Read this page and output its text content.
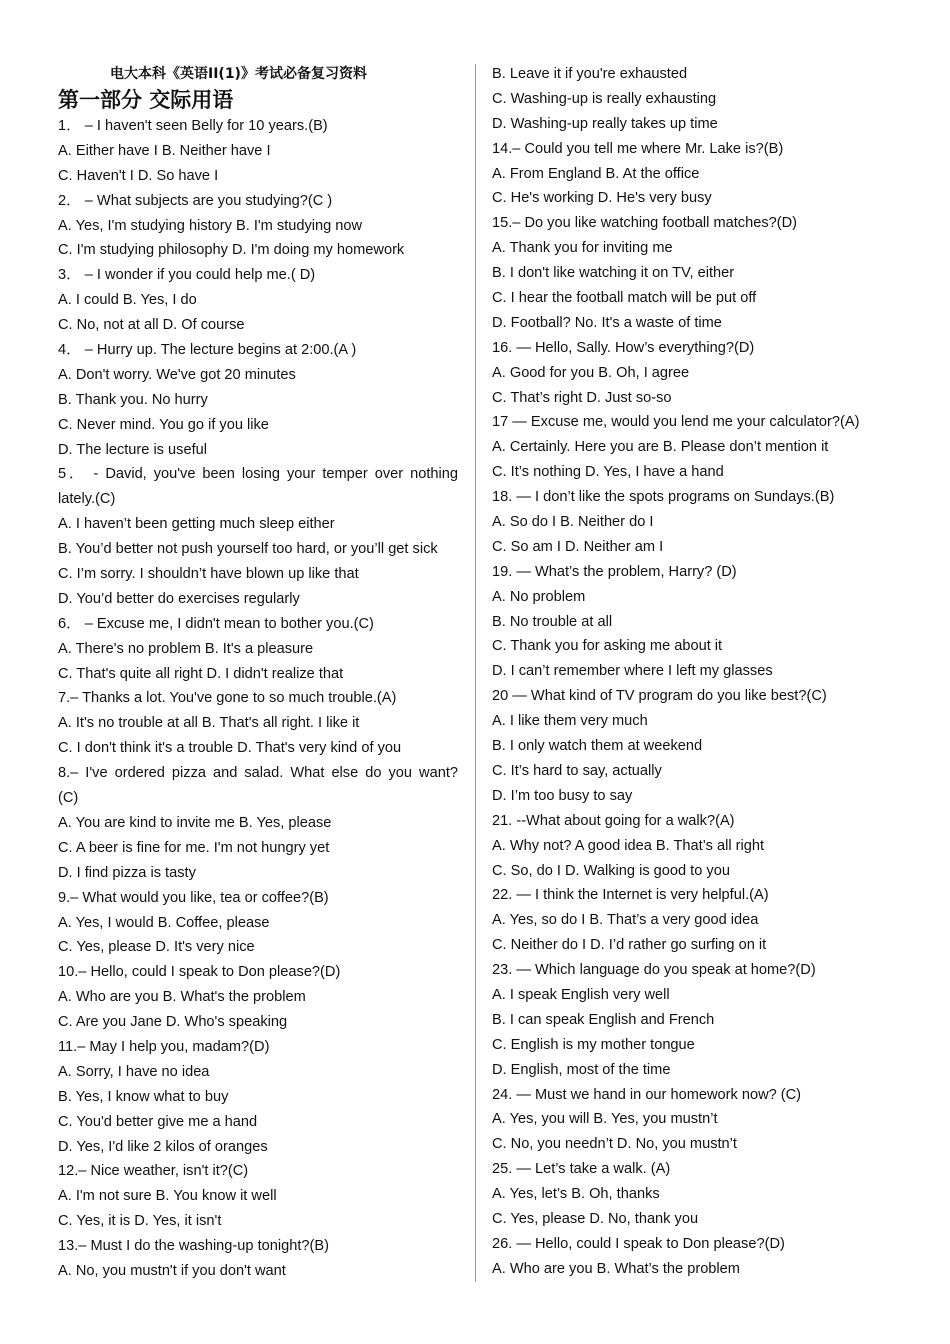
电大本科《英语II(1)》考试必备复习资料
第一部分 交际用语
1． – I haven't seen Belly for 10 years.(B)
A. Either have I B. Neither have I
C. Haven't I D. So have I
2． – What subjects are you studying?(C )
A. Yes, I'm studying history B. I'm studying now
C. I'm studying philosophy D. I'm doing my homework
3． – I wonder if you could help me.( D)
A. I could B. Yes, I do
C. No, not at all D. Of course
4． – Hurry up. The lecture begins at 2:00.(A )
A. Don't worry. We've got 20 minutes
B. Thank you. No hurry
C. Never mind. You go if you like
D. The lecture is useful
5． - David, you've been losing your temper over nothing
lately.(C)
A. I haven’t been getting much sleep either
B. You’d better not push yourself too hard, or you’ll get sick
C. I’m sorry. I shouldn’t have blown up like that
D. You’d better do exercises regularly
6． – Excuse me, I didn't mean to bother you.(C)
A. There's no problem B. It's a pleasure
C. That's quite all right D. I didn't realize that
7.– Thanks a lot. You've gone to so much trouble.(A)
A. It's no trouble at all B. That's all right. I like it
C. I don't think it's a trouble D. That's very kind of you
8.– I've ordered pizza and salad. What else do you want?
(C)
A. You are kind to invite me B. Yes, please
C. A beer is fine for me. I'm not hungry yet
D. I find pizza is tasty
9.– What would you like, tea or coffee?(B)
A. Yes, I would B. Coffee, please
C. Yes, please D. It's very nice
10.– Hello, could I speak to Don please?(D)
A. Who are you B. What's the problem
C. Are you Jane D. Who's speaking
11.– May I help you, madam?(D)
A. Sorry, I have no idea
B. Yes, I know what to buy
C. You'd better give me a hand
D. Yes, I'd like 2 kilos of oranges
12.– Nice weather, isn't it?(C)
A. I'm not sure B. You know it well
C. Yes, it is D. Yes, it isn't
13.– Must I do the washing-up tonight?(B)
A. No, you mustn't if you don't want
B. Leave it if you're exhausted
C. Washing-up is really exhausting
D. Washing-up really takes up time
14.– Could you tell me where Mr. Lake is?(B)
A. From England B. At the office
C. He's working D. He's very busy
15.– Do you like watching football matches?(D)
A. Thank you for inviting me
B. I don't like watching it on TV, either
C. I hear the football match will be put off
D. Football? No. It's a waste of time
16. — Hello, Sally. How’s everything?(D)
A. Good for you B. Oh, I agree
C. That’s right D. Just so-so
17 — Excuse me, would you lend me your calculator?(A)
A. Certainly. Here you are B. Please don’t mention it
C. It’s nothing D. Yes, I have a hand
18. — I don’t like the spots programs on Sundays.(B)
A. So do I B. Neither do I
C. So am I D. Neither am I
19. — What’s the problem, Harry? (D)
A. No problem
B. No trouble at all
C. Thank you for asking me about it
D. I can’t remember where I left my glasses
20 — What kind of TV program do you like best?(C)
A. I like them very much
B. I only watch them at weekend
C. It’s hard to say, actually
D. I’m too busy to say
21. --What about going for a walk?(A)
A. Why not? A good idea B. That’s all right
C. So, do I D. Walking is good to you
22. — I think the Internet is very helpful.(A)
A. Yes, so do I B. That’s a very good idea
C. Neither do I D. I’d rather go surfing on it
23. — Which language do you speak at home?(D)
A. I speak English very well
B. I can speak English and French
C. English is my mother tongue
D. English, most of the time
24. — Must we hand in our homework now? (C)
A. Yes, you will B. Yes, you mustn’t
C. No, you needn’t D. No, you mustn’t
25. — Let’s take a walk. (A)
A. Yes, let’s B. Oh, thanks
C. Yes, please D. No, thank you
26. — Hello, could I speak to Don please?(D)
A. Who are you B. What’s the problem
